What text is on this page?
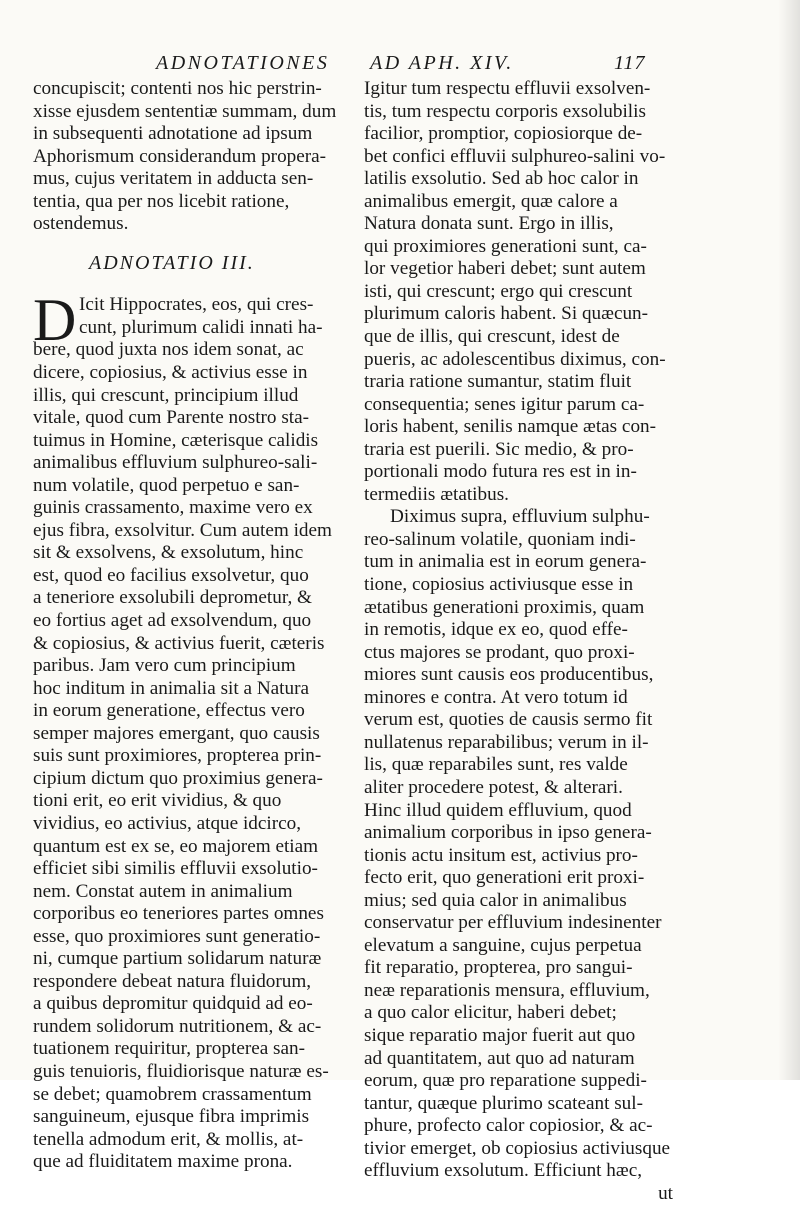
ADNOTATIONES AD APH. XIV.	117
concupiscit; contenti nos hic perstrin-
xisse ejusdem sententiæ summam, dum
in subsequenti adnotatione ad ipsum
Aphorismum considerandum propera-
mus, cujus veritatem in adducta sen-
tentia, qua per nos licebit ratione,
ostendemus.
ADNOTATIO III.
D Icit Hippocrates, eos, qui cres-
cunt, plurimum calidi innati ha-
bere, quod juxta nos idem sonat, ac
dicere, copiosius, & activius esse in
illis, qui crescunt, principium illud
vitale, quod cum Parente nostro sta-
tuimus in Homine, cæterisque calidis
animalibus effluvium sulphureo-sali-
num volatile, quod perpetuo e san-
guinis crassamento, maxime vero ex
ejus fibra, exsolvitur. Cum autem idem
sit & exsolvens, & exsolutum, hinc
est, quod eo facilius exsolvetur, quo
a teneriore exsolubili deprometur, &
eo fortius aget ad exsolvendum, quo
& copiosius, & activius fuerit, cæteris
paribus. Jam vero cum principium
hoc inditum in animalia sit a Natura
in eorum generatione, effectus vero
semper majores emergant, quo causis
suis sunt proximiores, propterea prin-
cipium dictum quo proximius genera-
tioni erit, eo erit vividius, & quo
vividius, eo activius, atque idcirco,
quantum est ex se, eo majorem etiam
efficiet sibi similis effluvii exsolutio-
nem. Constat autem in animalium
corporibus eo teneriores partes omnes
esse, quo proximiores sunt generatio-
ni, cumque partium solidarum naturæ
respondere debeat natura fluidorum,
a quibus depromitur quidquid ad eo-
rundem solidorum nutritionem, & ac-
tuationem requiritur, propterea san-
guis tenuioris, fluidiorisque naturæ es-
se debet; quamobrem crassamentum
sanguineum, ejusque fibra imprimis
tenella admodum erit, & mollis, at-
que ad fluiditatem maxime prona.
Igitur tum respectu effluvii exsolven-
tis, tum respectu corporis exsolubilis
facilior, promptior, copiosiorque de-
bet confici effluvii sulphureo-salini vo-
latilis exsolutio. Sed ab hoc calor in
animalibus emergit, quæ calore a
Natura donata sunt. Ergo in illis,
qui proximiores generationi sunt, ca-
lor vegetior haberi debet; sunt autem
isti, qui crescunt; ergo qui crescunt
plurimum caloris habent. Si quæcun-
que de illis, qui crescunt, idest de
pueris, ac adolescentibus diximus, con-
traria ratione sumantur, statim fluit
consequentia; senes igitur parum ca-
loris habent, senilis namque ætas con-
traria est puerili. Sic medio, & pro-
portionali modo futura res est in in-
termediis ætatibus.
Diximus supra, effluvium sulphu-
reo-salinum volatile, quoniam indi-
tum in animalia est in eorum genera-
tione, copiosius activiusque esse in
ætatibus generationi proximis, quam
in remotis, idque ex eo, quod effe-
ctus majores se prodant, quo proxi-
miores sunt causis eos producentibus,
minores e contra. At vero totum id
verum est, quoties de causis sermo fit
nullatenus reparabilibus; verum in il-
lis, quæ reparabiles sunt, res valde
aliter procedere potest, & alterari.
Hinc illud quidem effluvium, quod
animalium corporibus in ipso genera-
tionis actu insitum est, activius pro-
fecto erit, quo generationi erit proxi-
mius; sed quia calor in animalibus
conservatur per effluvium indesinenter
elevatum a sanguine, cujus perpetua
fit reparatio, propterea, pro sangui-
neæ reparationis mensura, effluvium,
a quo calor elicitur, haberi debet;
sique reparatio major fuerit aut quo
ad quantitatem, aut quo ad naturam
eorum, quæ pro reparatione suppedi-
tantur, quæque plurimo scateant sul-
phure, profecto calor copiosior, & ac-
tivior emerget, ob copiosius activiusque
effluvium exsolutum. Efficiunt hæc,
ut
